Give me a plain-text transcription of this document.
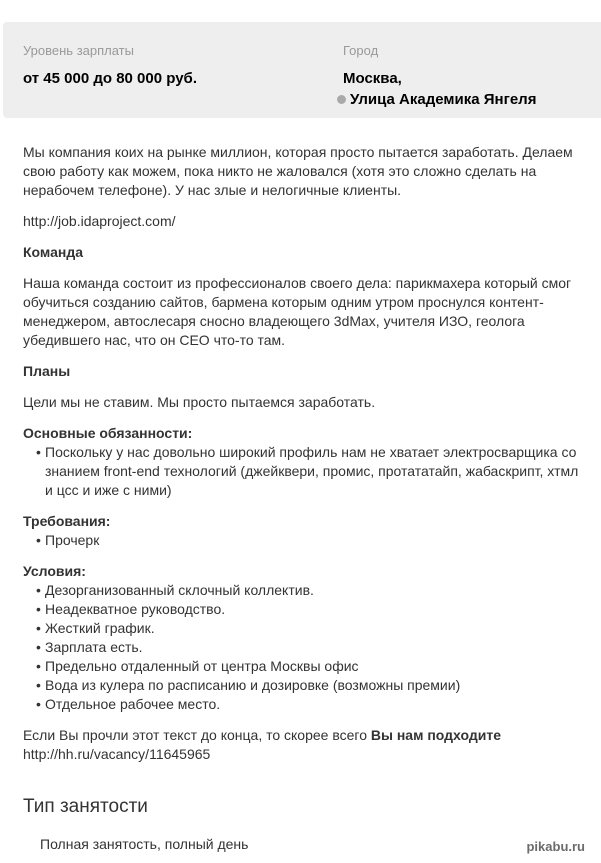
Уровень зарплаты
от 45 000 до 80 000 руб.
Город
Москва,
Улица Академика Янгеля

Мы компания коих на рынке миллион, которая просто пытается заработать. Делаем свою работу как можем, пока никто не жаловался (хотя это сложно сделать на нерабочем телефоне). У нас злые и нелогичные клиенты.

http://job.idaproject.com/

Команда

Наша команда состоит из профессионалов своего дела: парикмахера который смог обучиться созданию сайтов, бармена которым одним утром проснулся контент-менеджером, автослесаря сносно владеющего 3dMax, учителя ИЗО, геолога убедившего нас, что он CEO что-то там.

Планы

Цели мы не ставим. Мы просто пытаемся заработать.

Основные обязанности:

• Поскольку у нас довольно широкий профиль нам не хватает электросварщика со знанием front-end технологий (джейквери, промис, протататайп, жабаскрипт, хтмл и цсс и иже с ними)

Требования:

• Прочерк

Условия:

• Дезорганизованный склочный коллектив.
• Неадекватное руководство.
• Жесткий график.
• Зарплата есть.
• Предельно отдаленный от центра Москвы офис
• Вода из кулера по расписанию и дозировке (возможны премии)
• Отдельное рабочее место.

Если Вы прочли этот текст до конца, то скорее всего Вы нам подходите
http://hh.ru/vacancy/11645965

Тип занятости
Полная занятость, полный день	pikabu.ru
